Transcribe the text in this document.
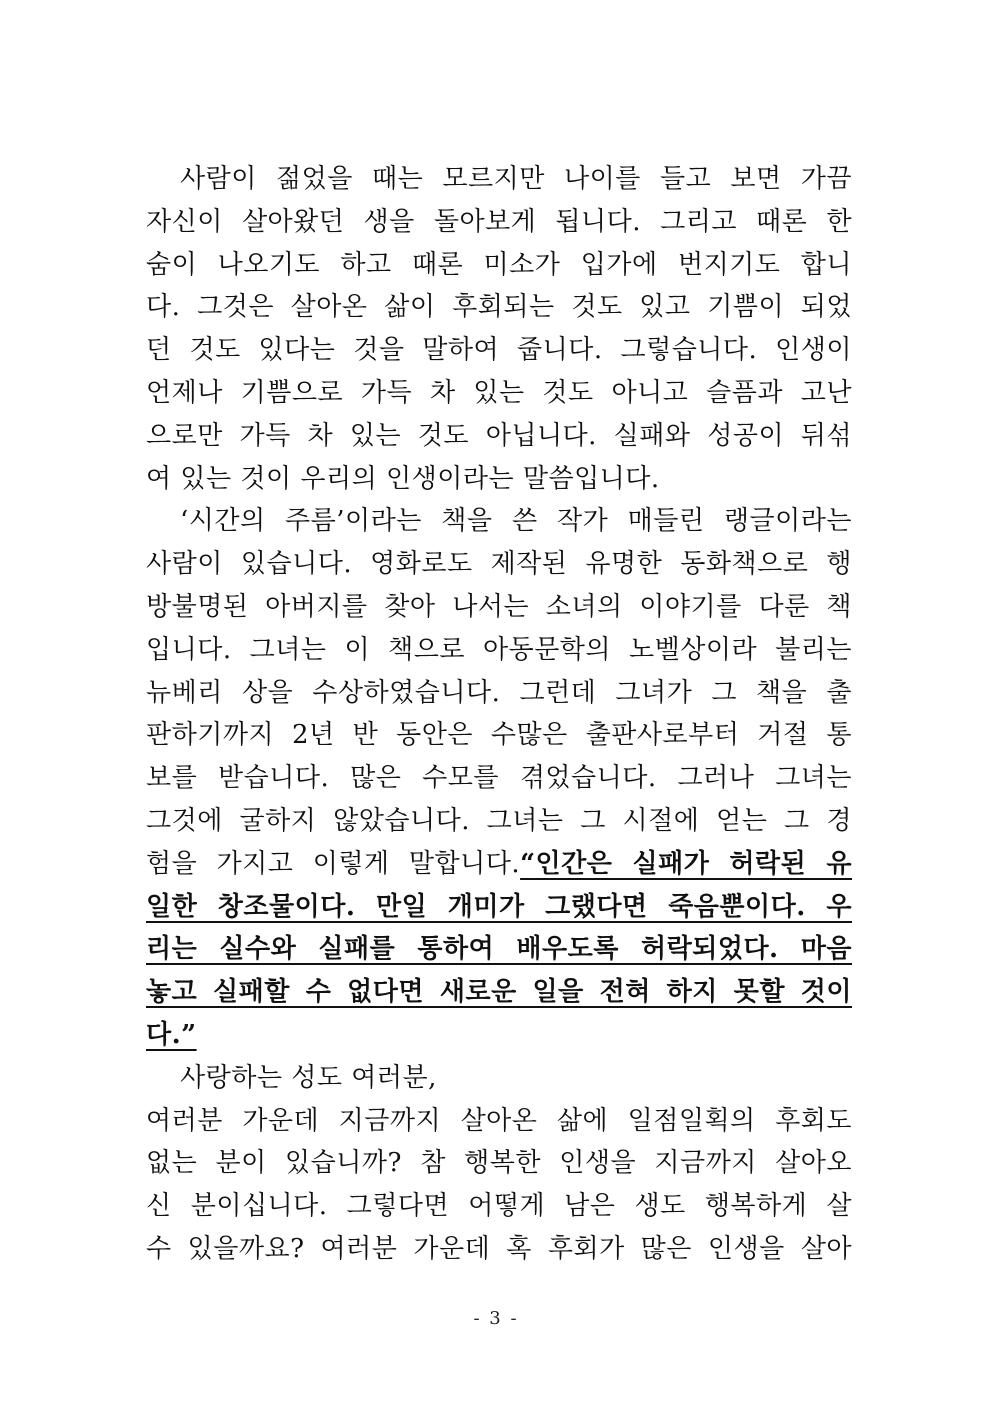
사람이 젊었을 때는 모르지만 나이를 들고 보면 가끔
자신이 살아왔던 생을 돌아보게 됩니다. 그리고 때론 한
숨이 나오기도 하고 때론 미소가 입가에 번지기도 합니
다. 그것은 살아온 삶이 후회되는 것도 있고 기쁨이 되었
던 것도 있다는 것을 말하여 줍니다. 그렇습니다. 인생이
언제나 기쁨으로 가득 차 있는 것도 아니고 슬픔과 고난
으로만 가득 차 있는 것도 아닙니다. 실패와 성공이 뒤섞
여 있는 것이 우리의 인생이라는 말씀입니다.
‘시간의 주름’이라는 책을 쓴 작가 매들린 랭글이라는
사람이 있습니다. 영화로도 제작된 유명한 동화책으로 행
방불명된 아버지를 찾아 나서는 소녀의 이야기를 다룬 책
입니다. 그녀는 이 책으로 아동문학의 노벨상이라 불리는
뉴베리 상을 수상하였습니다. 그런데 그녀가 그 책을 출
판하기까지 2년 반 동안은 수많은 출판사로부터 거절 통
보를 받습니다. 많은 수모를 겪었습니다. 그러나 그녀는
그것에 굴하지 않았습니다. 그녀는 그 시절에 얻는 그 경
험을 가지고 이렇게 말합니다.“인간은 실패가 허락된 유
일한 창조물이다. 만일 개미가 그랬다면 죽음뿐이다. 우
리는 실수와 실패를 통하여 배우도록 허락되었다. 마음
놓고 실패할 수 없다면 새로운 일을 전혀 하지 못할 것이
다.”
사랑하는 성도 여러분,
여러분 가운데 지금까지 살아온 삶에 일점일획의 후회도
없는 분이 있습니까? 참 행복한 인생을 지금까지 살아오
신 분이십니다. 그렇다면 어떻게 남은 생도 행복하게 살
수 있을까요? 여러분 가운데 혹 후회가 많은 인생을 살아
- 3 -
